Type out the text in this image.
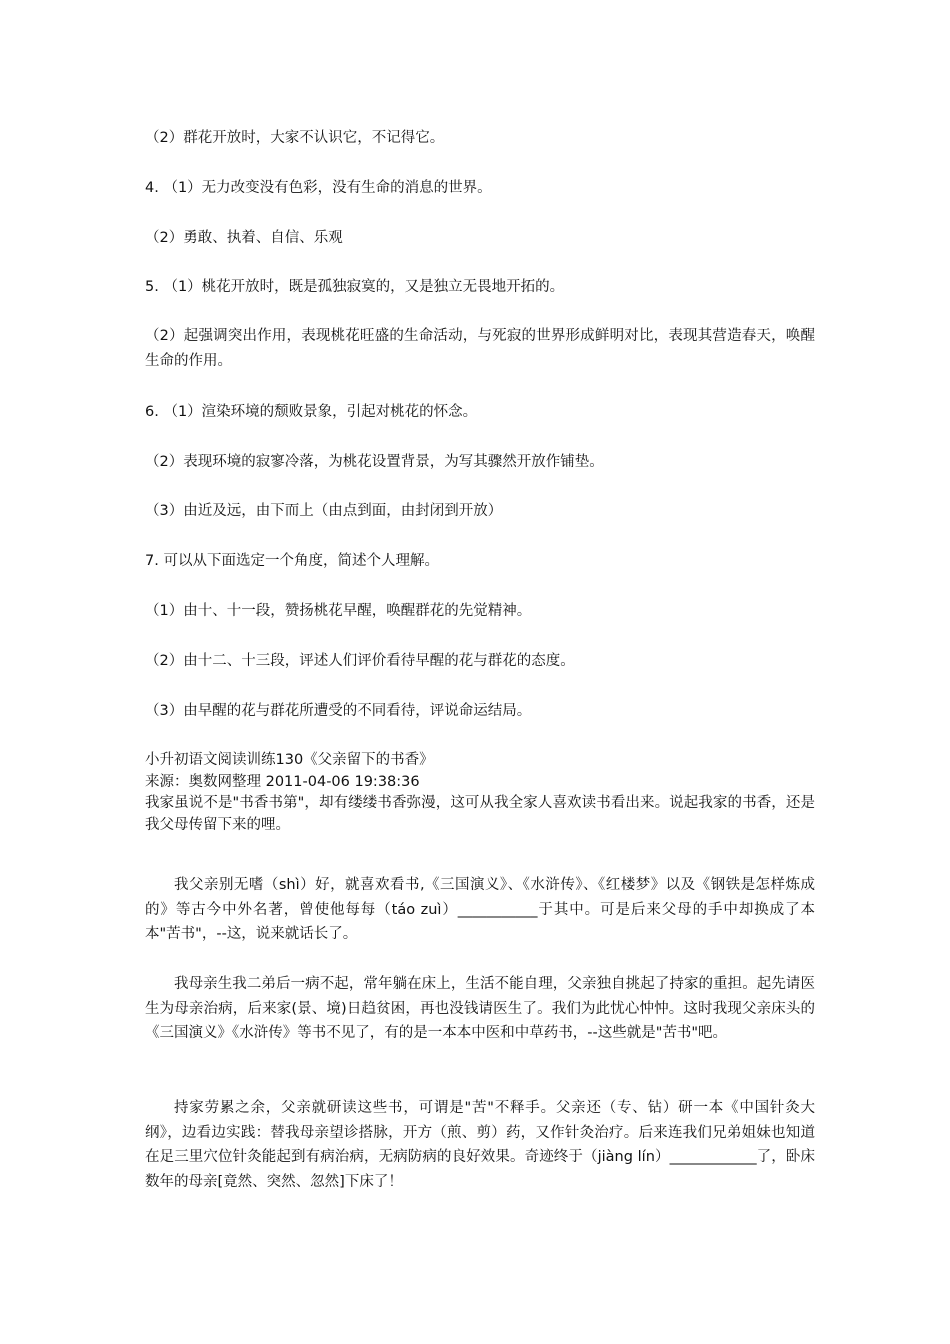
（2）群花开放时，大家不认识它，不记得它。
4. （1）无力改变没有色彩，没有生命的消息的世界。
（2）勇敢、执着、自信、乐观
5. （1）桃花开放时，既是孤独寂寞的，又是独立无畏地开拓的。
（2）起强调突出作用，表现桃花旺盛的生命活动，与死寂的世界形成鲜明对比，表现其营造春天，唤醒生命的作用。
6. （1）渲染环境的颓败景象，引起对桃花的怀念。
（2）表现环境的寂寥冷落，为桃花设置背景，为写其骤然开放作铺垫。
（3）由近及远，由下而上（由点到面，由封闭到开放）
7. 可以从下面选定一个角度，简述个人理解。
（1）由十、十一段，赞扬桃花早醒，唤醒群花的先觉精神。
（2）由十二、十三段，评述人们评价看待早醒的花与群花的态度。
（3）由早醒的花与群花所遭受的不同看待，评说命运结局。
小升初语文阅读训练130《父亲留下的书香》
来源：奥数网整理 2011-04-06 19:38:36
我家虽说不是"书香书第"，却有缕缕书香弥漫，这可从我全家人喜欢读书看出来。说起我家的书香，还是我父母传留下来的哩。
我父亲别无嗜（shì）好，就喜欢看书,《三国演义》、《水浒传》、《红楼梦》以及《钢铁是怎样炼成的》等古今中外名著，曾使他每每（táo zuì）___________于其中。可是后来父母的手中却换成了本本"苦书"，--这，说来就话长了。
我母亲生我二弟后一病不起，常年躺在床上，生活不能自理，父亲独自挑起了持家的重担。起先请医生为母亲治病，后来家(景、境)日趋贫困，再也没钱请医生了。我们为此忧心忡忡。这时我现父亲床头的《三国演义》《水浒传》等书不见了，有的是一本本中医和中草药书，--这些就是"苦书"吧。
持家劳累之余，父亲就研读这些书，可谓是"苦"不释手。父亲还（专、钻）研一本《中国针灸大纲》，边看边实践：替我母亲望诊搭脉，开方（煎、剪）药，又作针灸治疗。后来连我们兄弟姐妹也知道在足三里穴位针灸能起到有病治病，无病防病的良好效果。奇迹终于（jiàng lín）____________了，卧床数年的母亲[竟然、突然、忽然]下床了！
